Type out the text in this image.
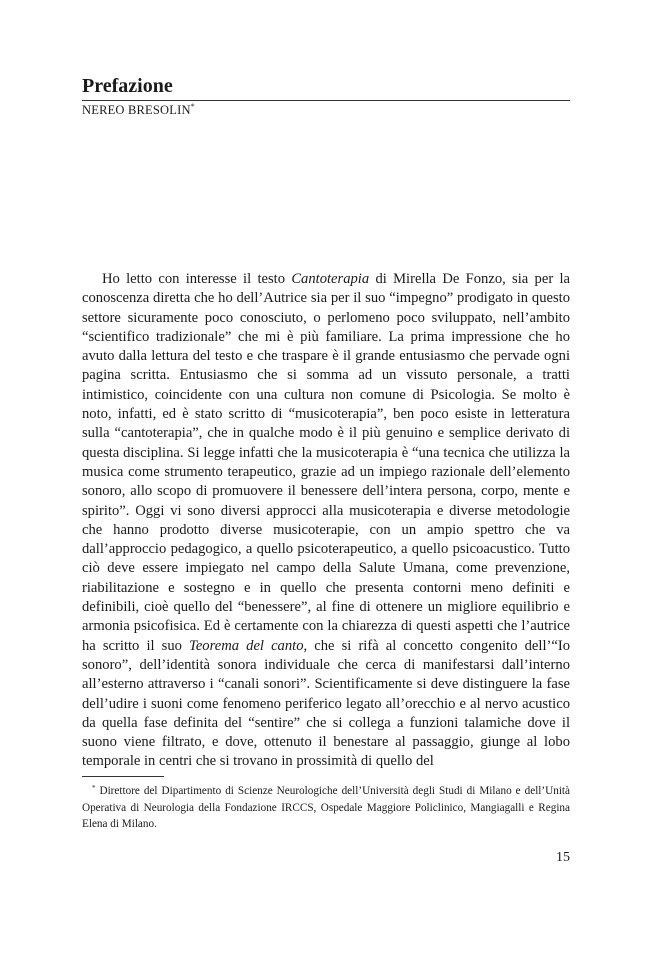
Prefazione
NEREO BRESOLIN*

Ho letto con interesse il testo Cantoterapia di Mirella De Fonzo, sia per la conoscenza diretta che ho dell’Autrice sia per il suo “impegno” prodigato in questo settore sicuramente poco conosciuto, o perlomeno poco sviluppato, nell’ambito “scientifico tradizionale” che mi è più familiare. La prima impressione che ho avuto dalla lettura del testo e che traspare è il grande entusiasmo che pervade ogni pagina scritta. Entusiasmo che si somma ad un vissuto personale, a tratti intimistico, coincidente con una cultura non comune di Psicologia. Se molto è noto, infatti, ed è stato scritto di “musicoterapia”, ben poco esiste in letteratura sulla “cantoterapia”, che in qualche modo è il più genuino e semplice derivato di questa disciplina. Si legge infatti che la musicoterapia è “una tecnica che utilizza la musica come strumento terapeutico, grazie ad un impiego razionale dell’elemento sonoro, allo scopo di promuovere il benessere dell’intera persona, corpo, mente e spirito”. Oggi vi sono diversi approcci alla musicoterapia e diverse metodologie che hanno prodotto diverse musicoterapie, con un ampio spettro che va dall’approccio pedagogico, a quello psicoterapeutico, a quello psicoacustico. Tutto ciò deve essere impiegato nel campo della Salute Umana, come prevenzione, riabilitazione e sostegno e in quello che presenta contorni meno definiti e definibili, cioè quello del “benessere”, al fine di ottenere un migliore equilibrio e armonia psicofisica. Ed è certamente con la chiarezza di questi aspetti che l’autrice ha scritto il suo Teorema del canto, che si rifà al concetto congenito dell’“Io sonoro”, dell’identità sonora individuale che cerca di manifestarsi dall’interno all’esterno attraverso i “canali sonori”. Scientificamente si deve distinguere la fase dell’udire i suoni come fenomeno periferico legato all’orecchio e al nervo acustico da quella fase definita del “sentire” che si collega a funzioni talamiche dove il suono viene filtrato, e dove, ottenuto il benestare al passaggio, giunge al lobo temporale in centri che si trovano in prossimità di quello del

* Direttore del Dipartimento di Scienze Neurologiche dell’Università degli Studi di Milano e dell’Unità Operativa di Neurologia della Fondazione IRCCS, Ospedale Maggiore Policlinico, Mangiagalli e Regina Elena di Milano.

15
